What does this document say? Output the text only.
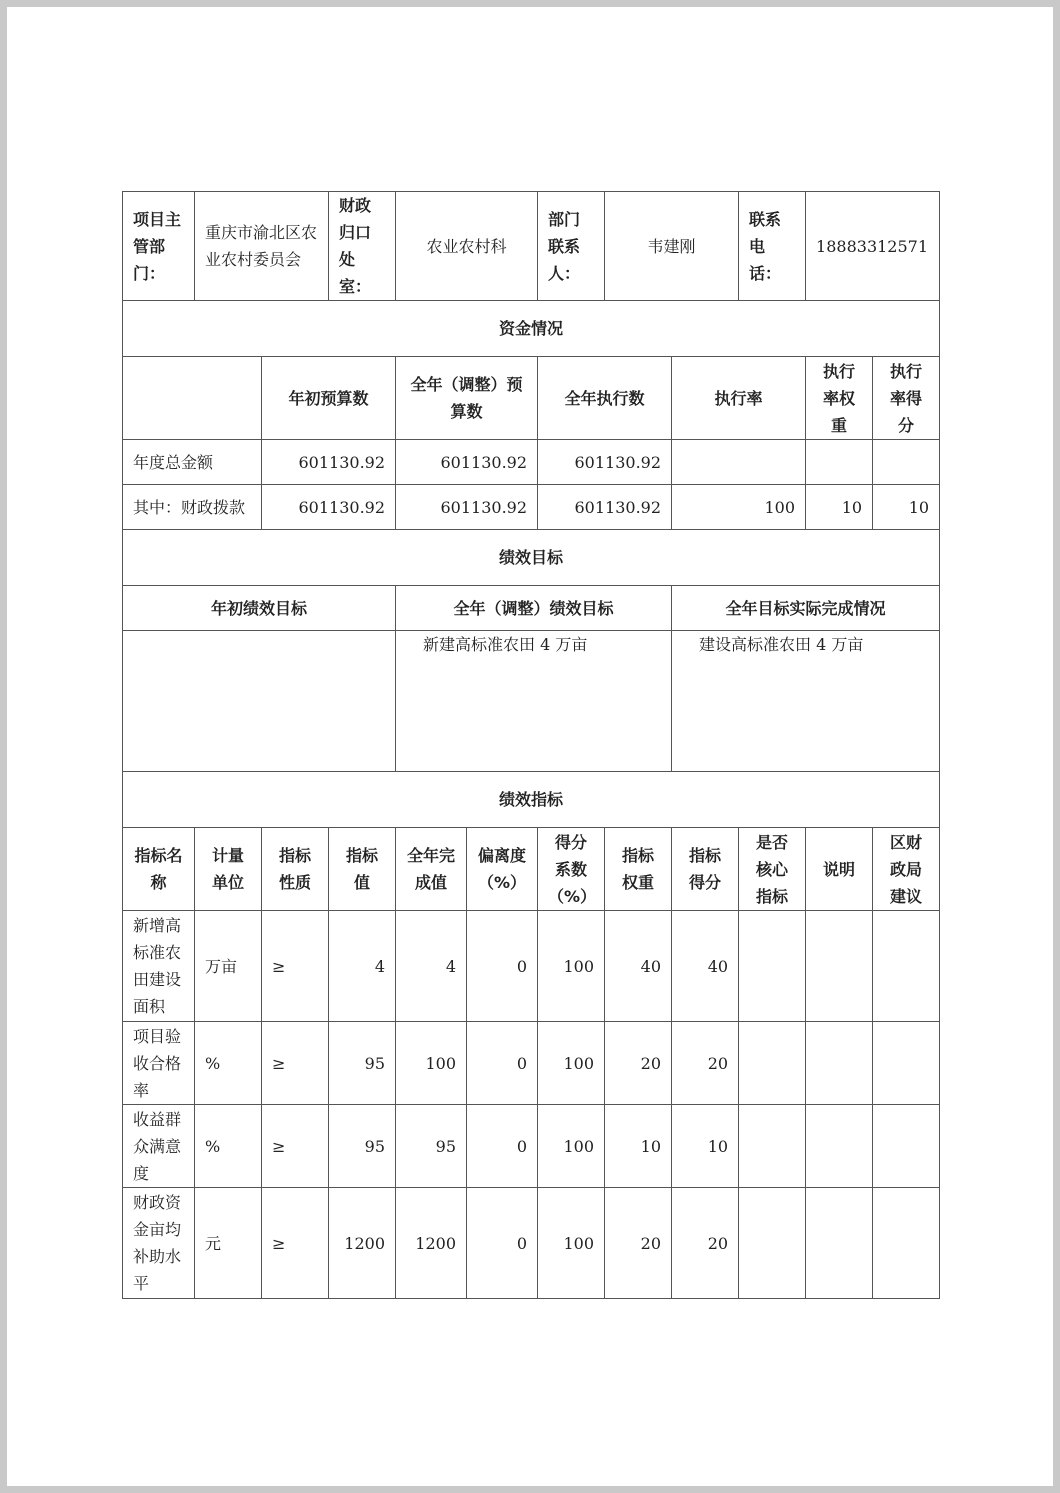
项目主管部门：	重庆市渝北区农业农村委员会		财政归口处室：	农业农村科		部门联系人：	韦建刚		联系电话：	18883312571	
资金情况											
		年初预算数		全年（调整）预算数		全年执行数		执行率		执行率权重	执行率得分
年度总金额		601130.92		601130.92		601130.92					
其中：财政拨款		601130.92		601130.92		601130.92		100		10	10
绩效目标											
年初绩效目标				全年（调整）绩效目标				全年目标实际完成情况			
				新建高标准农田 4 万亩				建设高标准农田 4 万亩			
绩效指标											
指标名称	计量单位	指标性质	指标值	全年完成值	偏离度（%）	得分系数（%）	指标权重	指标得分	是否核心指标	说明	区财政局建议
新增高标准农田建设面积	万亩	≥	4	4	0	100	40	40			
项目验收合格率	%	≥	95	100	0	100	20	20			
收益群众满意度	%	≥	95	95	0	100	10	10			
财政资金亩均补助水平	元	≥	1200	1200	0	100	20	20			
